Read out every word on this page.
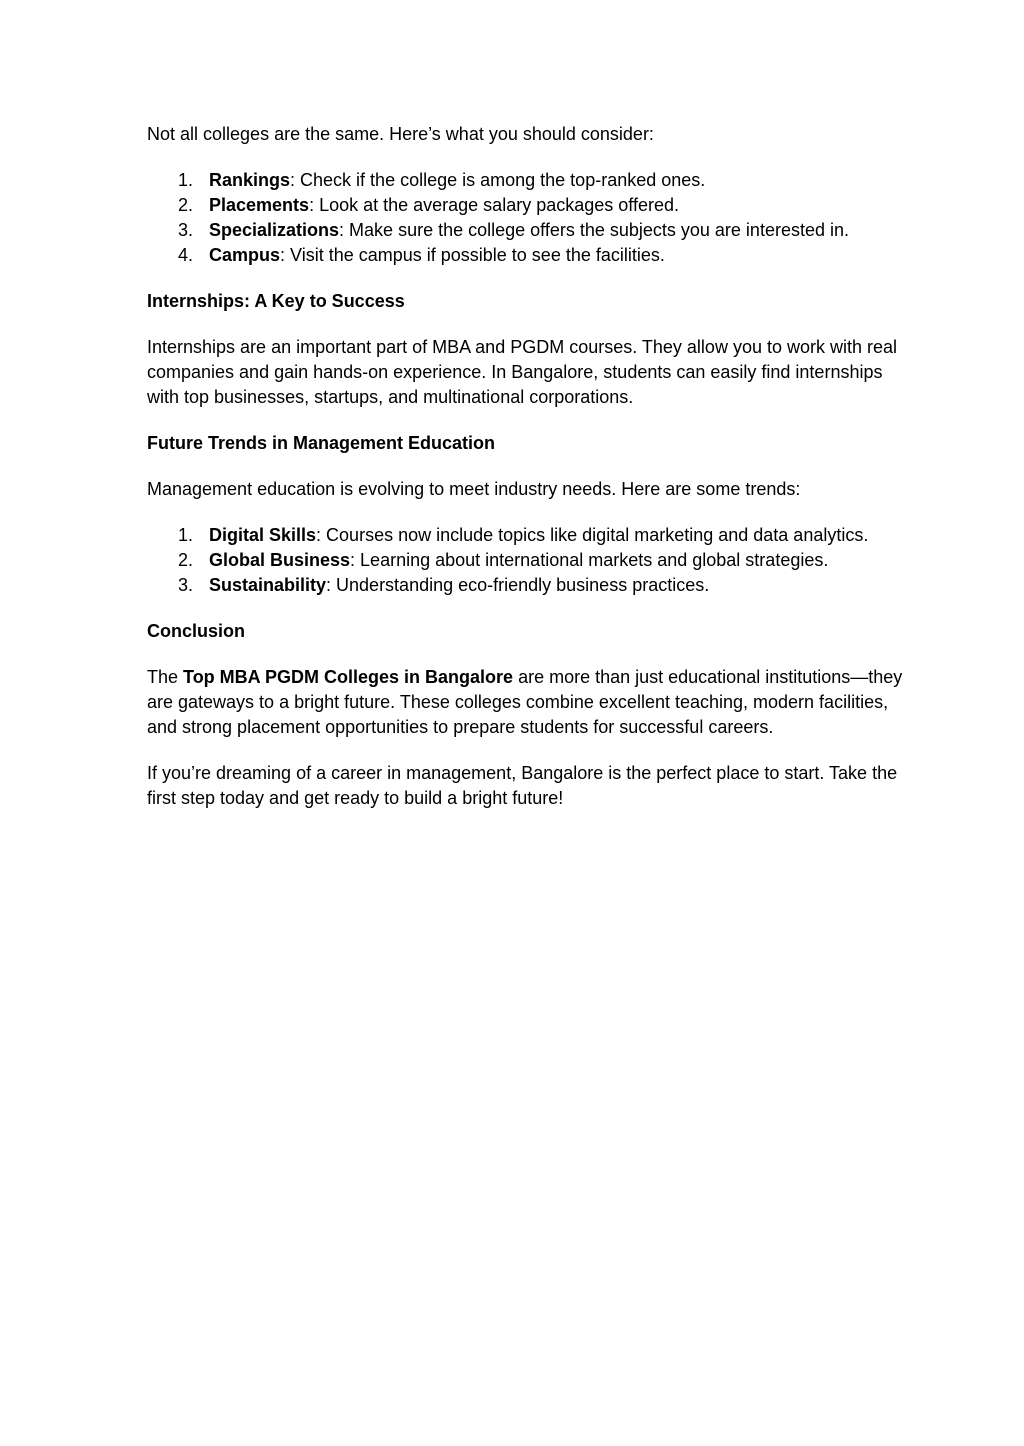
Not all colleges are the same. Here’s what you should consider:

1. Rankings: Check if the college is among the top-ranked ones.
2. Placements: Look at the average salary packages offered.
3. Specializations: Make sure the college offers the subjects you are interested in.
4. Campus: Visit the campus if possible to see the facilities.
Internships: A Key to Success

Internships are an important part of MBA and PGDM courses. They allow you to work with real companies and gain hands-on experience. In Bangalore, students can easily find internships with top businesses, startups, and multinational corporations.

Future Trends in Management Education

Management education is evolving to meet industry needs. Here are some trends:

1. Digital Skills: Courses now include topics like digital marketing and data analytics.
2. Global Business: Learning about international markets and global strategies.
3. Sustainability: Understanding eco-friendly business practices.
Conclusion

The Top MBA PGDM Colleges in Bangalore are more than just educational institutions—they are gateways to a bright future. These colleges combine excellent teaching, modern facilities, and strong placement opportunities to prepare students for successful careers.

If you’re dreaming of a career in management, Bangalore is the perfect place to start. Take the first step today and get ready to build a bright future!
